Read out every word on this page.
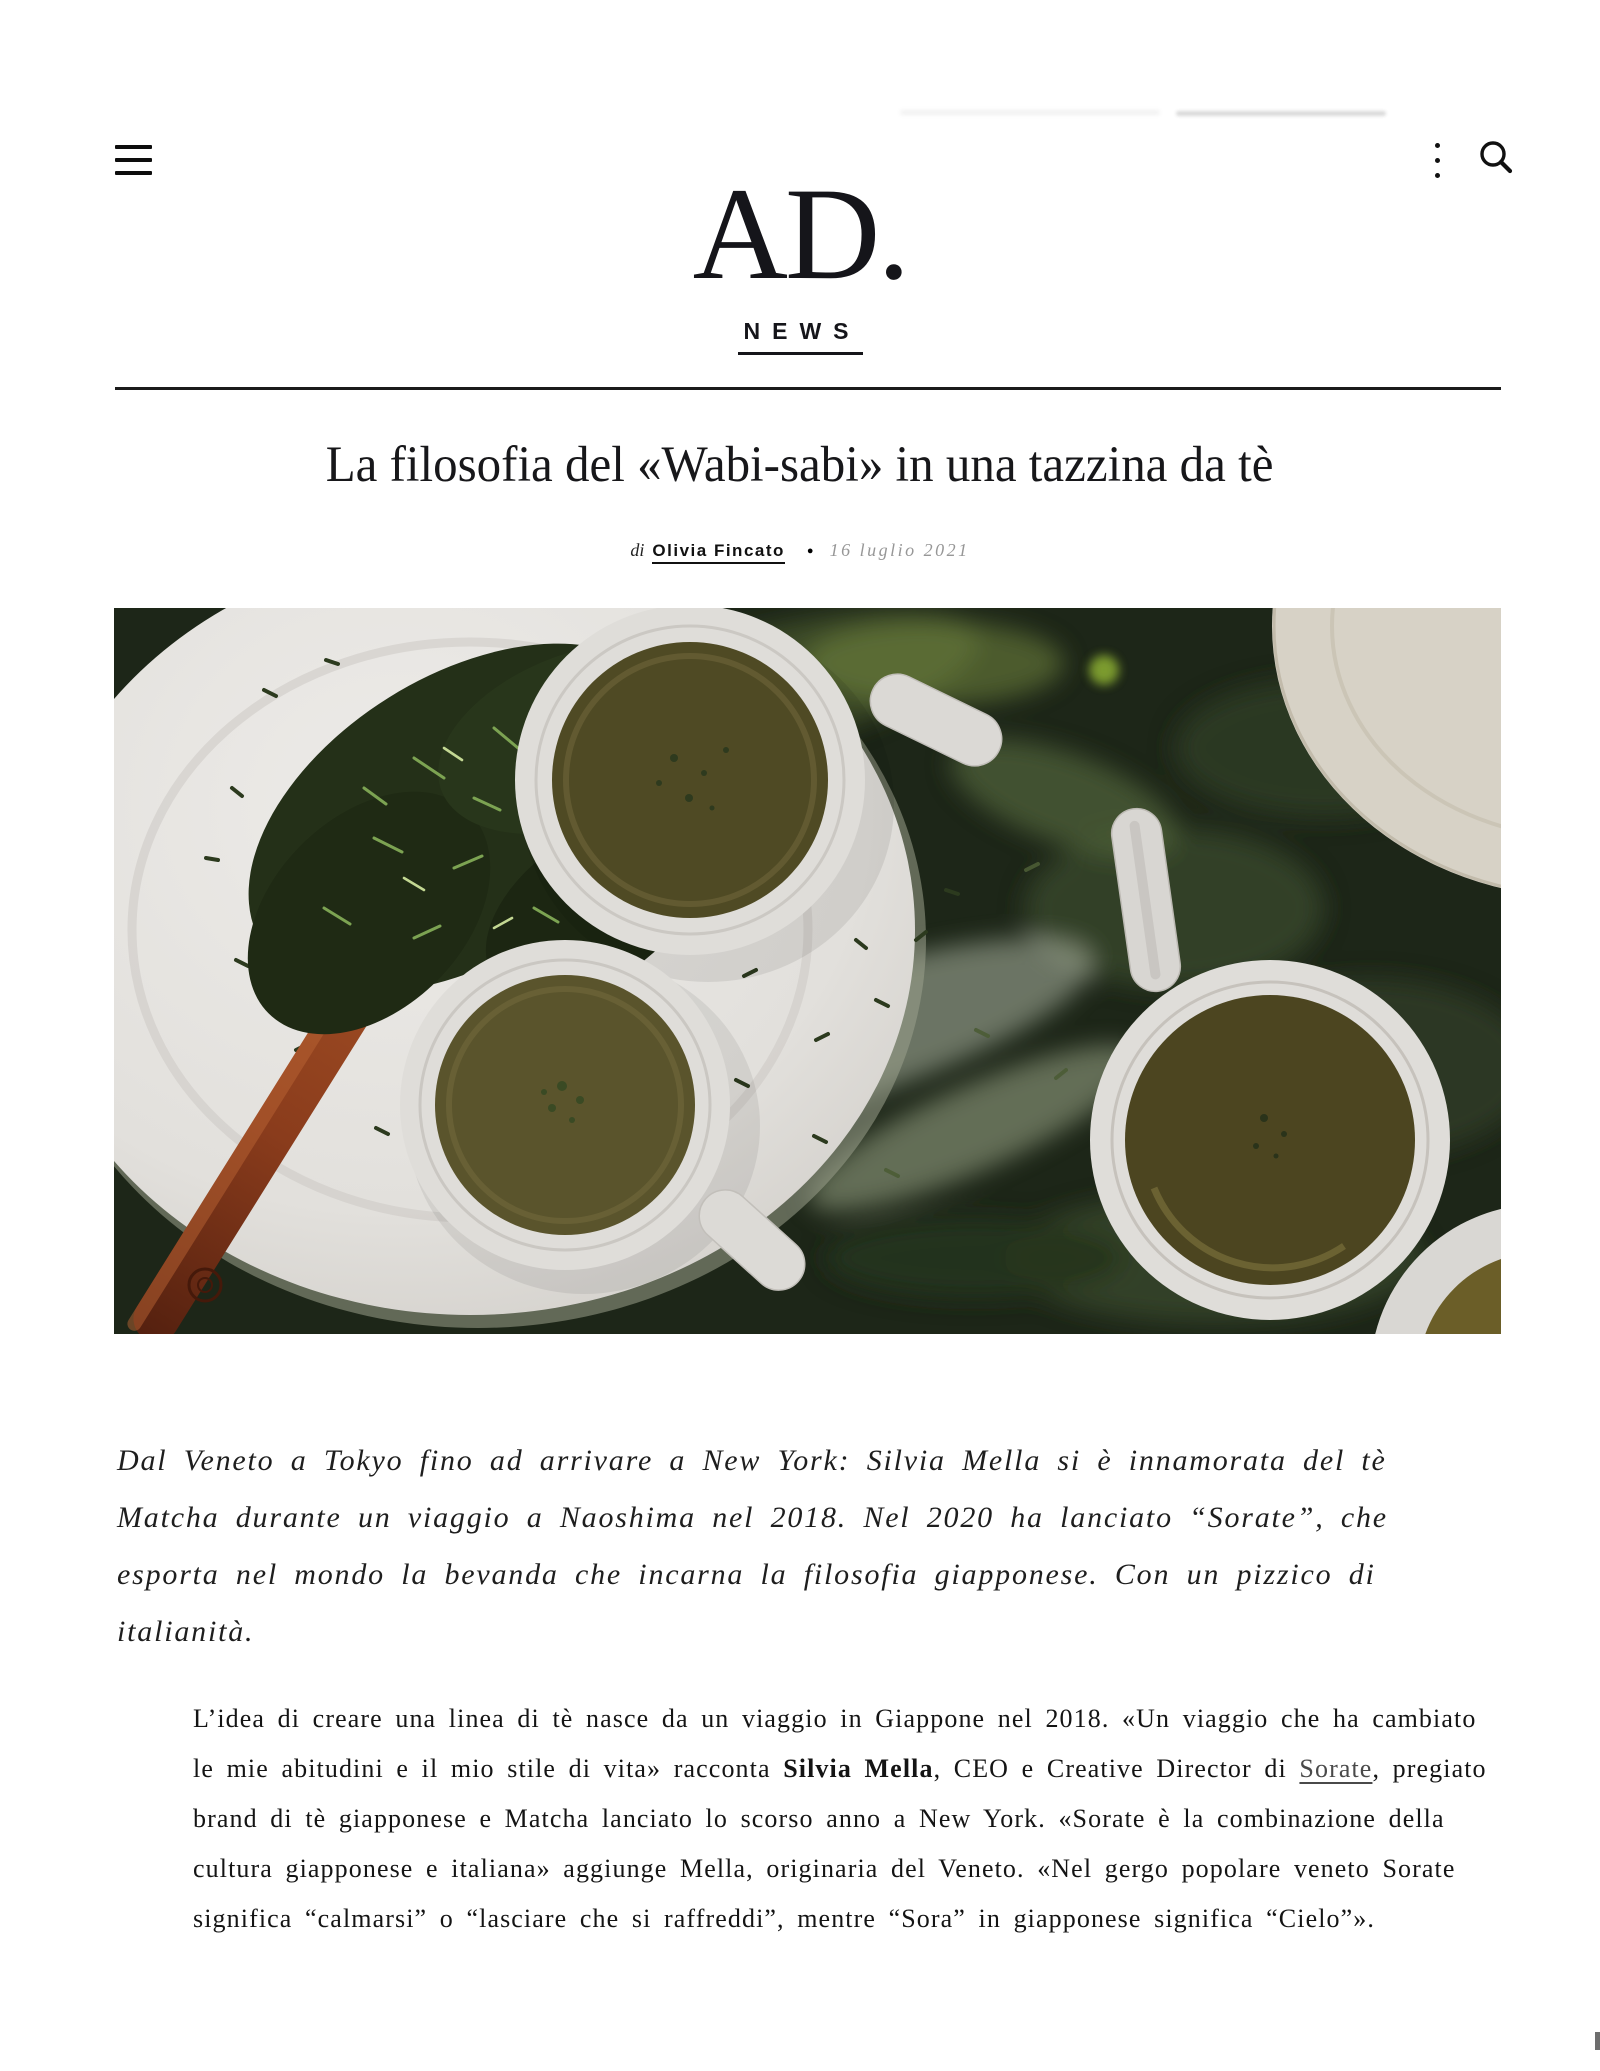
AD.
NEWS
La filosofia del «Wabi-sabi» in una tazzina da tè
di Olivia Fincato ● 16 luglio 2021

Dal Veneto a Tokyo fino ad arrivare a New York: Silvia Mella si è innamorata del tè Matcha durante un viaggio a Naoshima nel 2018. Nel 2020 ha lanciato “Sorate”, che esporta nel mondo la bevanda che incarna la filosofia giapponese. Con un pizzico di italianità.

L’idea di creare una linea di tè nasce da un viaggio in Giappone nel 2018. «Un viaggio che ha cambiato le mie abitudini e il mio stile di vita» racconta Silvia Mella, CEO e Creative Director di Sorate, pregiato brand di tè giapponese e Matcha lanciato lo scorso anno a New York. «Sorate è la combinazione della cultura giapponese e italiana» aggiunge Mella, originaria del Veneto. «Nel gergo popolare veneto Sorate significa “calmarsi” o “lasciare che si raffreddi”, mentre “Sora” in giapponese significa “Cielo”».
